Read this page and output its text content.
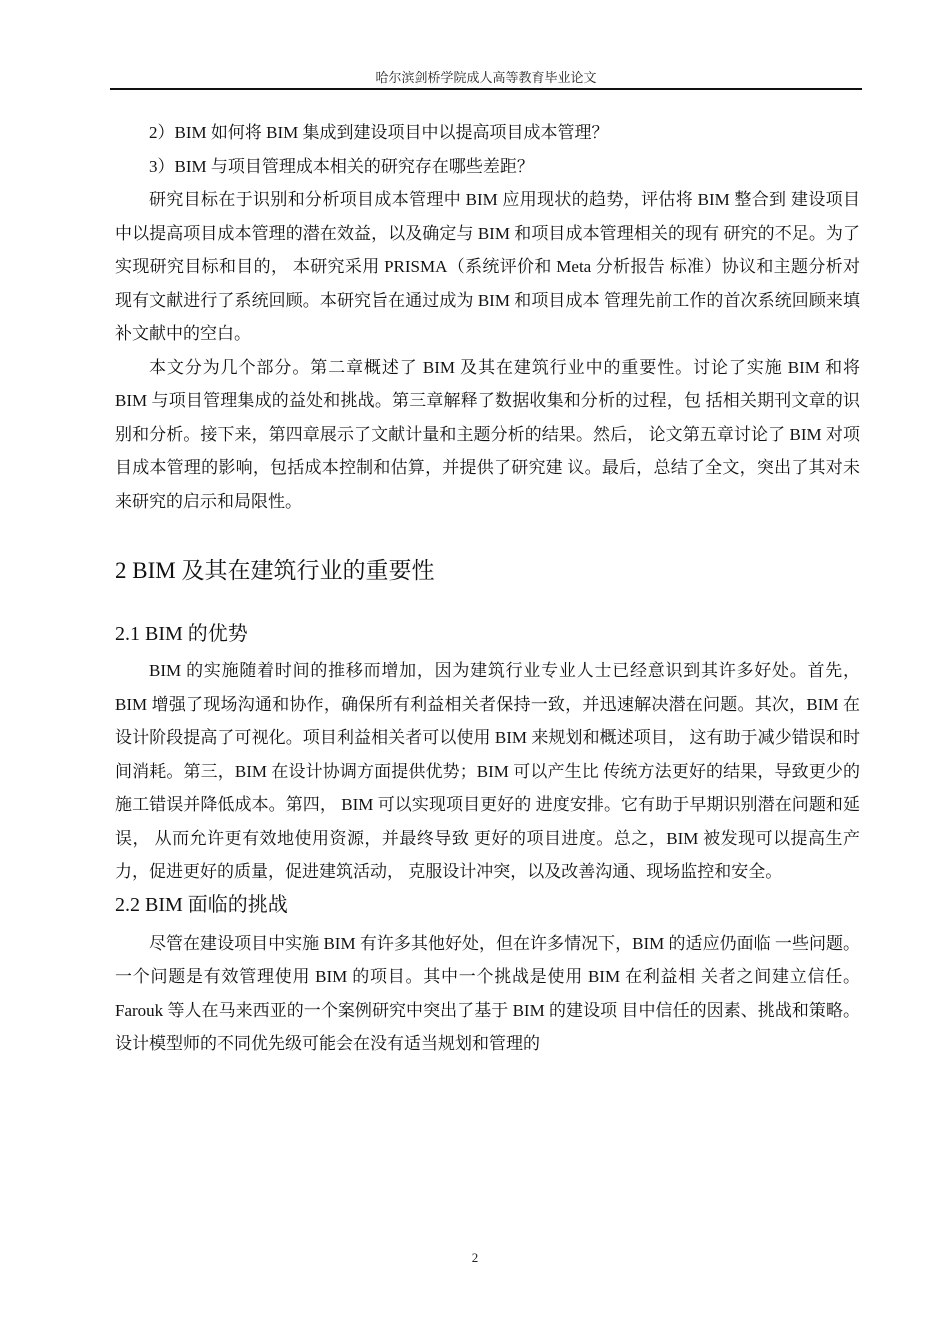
哈尔滨剑桥学院成人高等教育毕业论文

2）BIM 如何将 BIM 集成到建设项目中以提高项目成本管理？

3）BIM 与项目管理成本相关的研究存在哪些差距？

研究目标在于识别和分析项目成本管理中 BIM 应用现状的趋势，评估将 BIM 整合到 建设项目中以提高项目成本管理的潜在效益，以及确定与 BIM 和项目成本管理相关的现有 研究的不足。为了实现研究目标和目的， 本研究采用 PRISMA（系统评价和 Meta 分析报告 标准）协议和主题分析对现有文献进行了系统回顾。本研究旨在通过成为 BIM 和项目成本 管理先前工作的首次系统回顾来填补文献中的空白。

本文分为几个部分。第二章概述了 BIM 及其在建筑行业中的重要性。讨论了实施 BIM 和将 BIM 与项目管理集成的益处和挑战。第三章解释了数据收集和分析的过程，包 括相关期刊文章的识别和分析。接下来，第四章展示了文献计量和主题分析的结果。然后， 论文第五章讨论了 BIM 对项目成本管理的影响，包括成本控制和估算，并提供了研究建 议。最后，总结了全文，突出了其对未来研究的启示和局限性。

2 BIM 及其在建筑行业的重要性
2.1 BIM 的优势

BIM 的实施随着时间的推移而增加，因为建筑行业专业人士已经意识到其许多好处。首先，BIM 增强了现场沟通和协作，确保所有利益相关者保持一致，并迅速解决潜在问题。其次，BIM 在设计阶段提高了可视化。项目利益相关者可以使用 BIM 来规划和概述项目， 这有助于减少错误和时间消耗。第三，BIM 在设计协调方面提供优势；BIM 可以产生比 传统方法更好的结果，导致更少的施工错误并降低成本。第四， BIM 可以实现项目更好的 进度安排。它有助于早期识别潜在问题和延误， 从而允许更有效地使用资源，并最终导致 更好的项目进度。总之，BIM 被发现可以提高生产力，促进更好的质量，促进建筑活动， 克服设计冲突，以及改善沟通、现场监控和安全。

2.2 BIM 面临的挑战

尽管在建设项目中实施 BIM 有许多其他好处，但在许多情况下，BIM 的适应仍面临 一些问题。一个问题是有效管理使用 BIM 的项目。其中一个挑战是使用 BIM 在利益相 关者之间建立信任。Farouk 等人在马来西亚的一个案例研究中突出了基于 BIM 的建设项 目中信任的因素、挑战和策略。设计模型师的不同优先级可能会在没有适当规划和管理的

2
